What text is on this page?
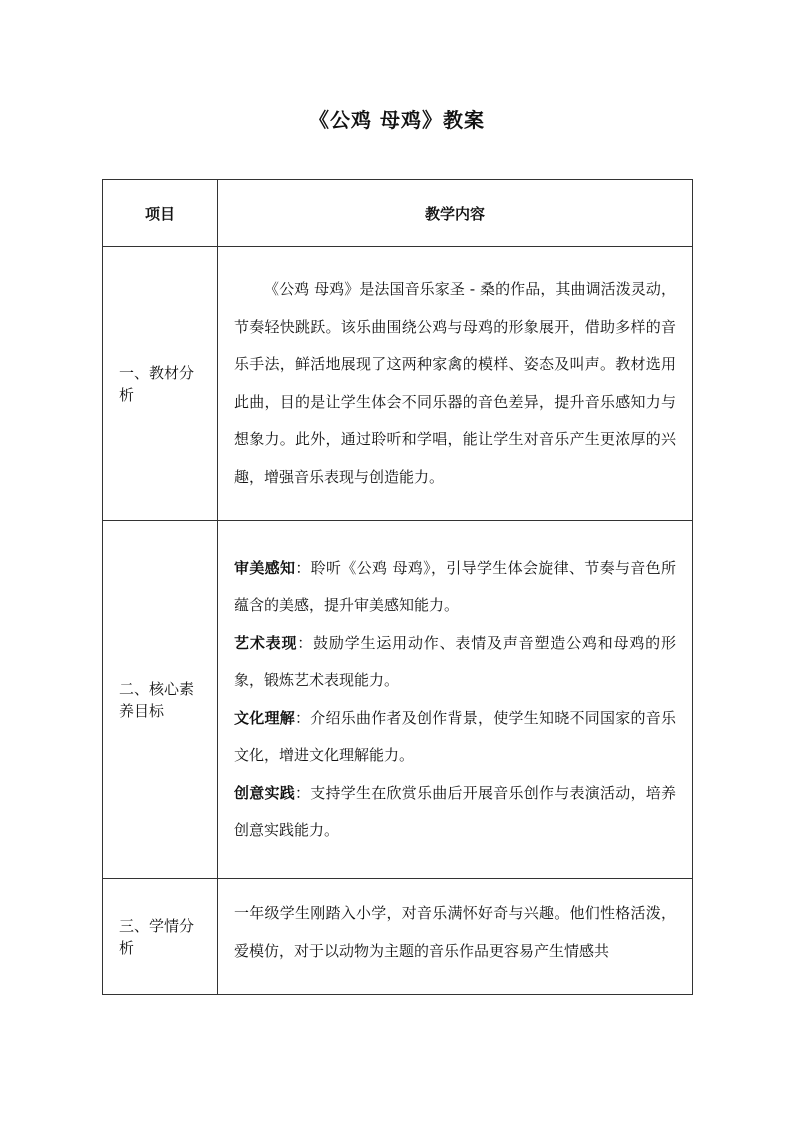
《公鸡 母鸡》教案
项目	教学内容
一、教材分析	《公鸡 母鸡》是法国音乐家圣 - 桑的作品，其曲调活泼灵动，节奏轻快跳跃。该乐曲围绕公鸡与母鸡的形象展开，借助多样的音乐手法，鲜活地展现了这两种家禽的模样、姿态及叫声。教材选用此曲，目的是让学生体会不同乐器的音色差异，提升音乐感知力与想象力。此外，通过聆听和学唱，能让学生对音乐产生更浓厚的兴趣，增强音乐表现与创造能力。

二、核心素养目标	审美感知：聆听《公鸡 母鸡》，引导学生体会旋律、节奏与音色所蕴含的美感，提升审美感知能力。

艺术表现：鼓励学生运用动作、表情及声音塑造公鸡和母鸡的形象，锻炼艺术表现能力。

文化理解：介绍乐曲作者及创作背景，使学生知晓不同国家的音乐文化，增进文化理解能力。

创意实践：支持学生在欣赏乐曲后开展音乐创作与表演活动，培养创意实践能力。

三、学情分析	一年级学生刚踏入小学，对音乐满怀好奇与兴趣。他们性格活泼，爱模仿，对于以动物为主题的音乐作品更容易产生情感共
